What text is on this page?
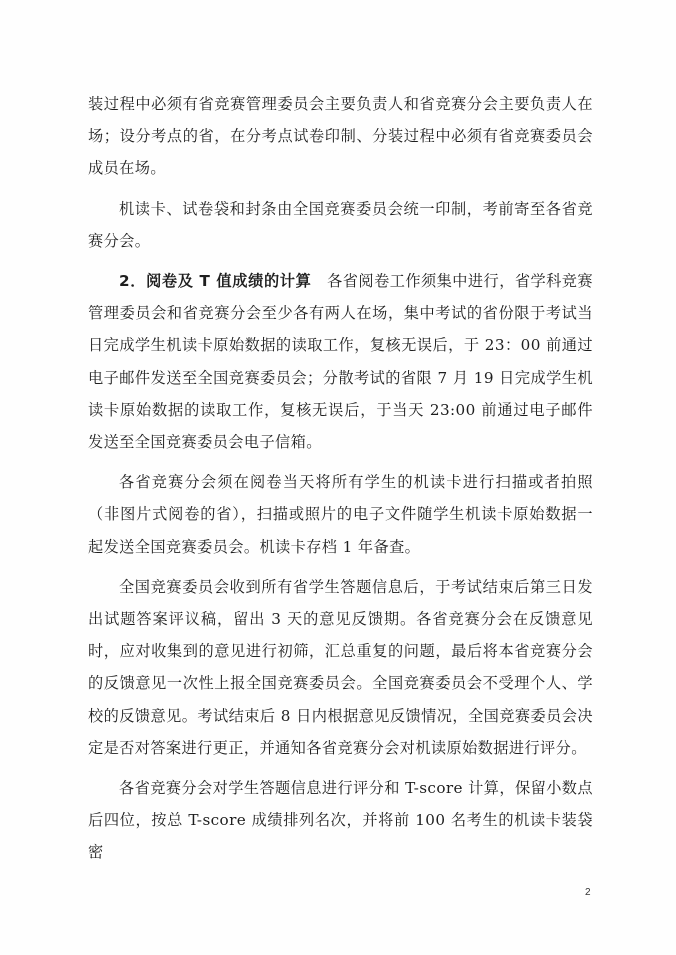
装过程中必须有省竞赛管理委员会主要负责人和省竞赛分会主要负责人在场；设分考点的省，在分考点试卷印制、分装过程中必须有省竞赛委员会成员在场。

机读卡、试卷袋和封条由全国竞赛委员会统一印制，考前寄至各省竞赛分会。

2．阅卷及 T 值成绩的计算　 各省阅卷工作须集中进行，省学科竞赛管理委员会和省竞赛分会至少各有两人在场，集中考试的省份限于考试当日完成学生机读卡原始数据的读取工作，复核无误后，于 23：00 前通过电子邮件发送至全国竞赛委员会；分散考试的省限 7 月 19 日完成学生机读卡原始数据的读取工作，复核无误后，于当天 23:00 前通过电子邮件发送至全国竞赛委员会电子信箱。

各省竞赛分会须在阅卷当天将所有学生的机读卡进行扫描或者拍照（非图片式阅卷的省），扫描或照片的电子文件随学生机读卡原始数据一起发送全国竞赛委员会。机读卡存档 1 年备查。

全国竞赛委员会收到所有省学生答题信息后，于考试结束后第三日发出试题答案评议稿，留出 3 天的意见反馈期。各省竞赛分会在反馈意见时，应对收集到的意见进行初筛，汇总重复的问题，最后将本省竞赛分会的反馈意见一次性上报全国竞赛委员会。全国竞赛委员会不受理个人、学校的反馈意见。考试结束后 8 日内根据意见反馈情况，全国竞赛委员会决定是否对答案进行更正，并通知各省竞赛分会对机读原始数据进行评分。

各省竞赛分会对学生答题信息进行评分和 T-score 计算，保留小数点后四位，按总 T-score 成绩排列名次，并将前 100 名考生的机读卡装袋密

2
